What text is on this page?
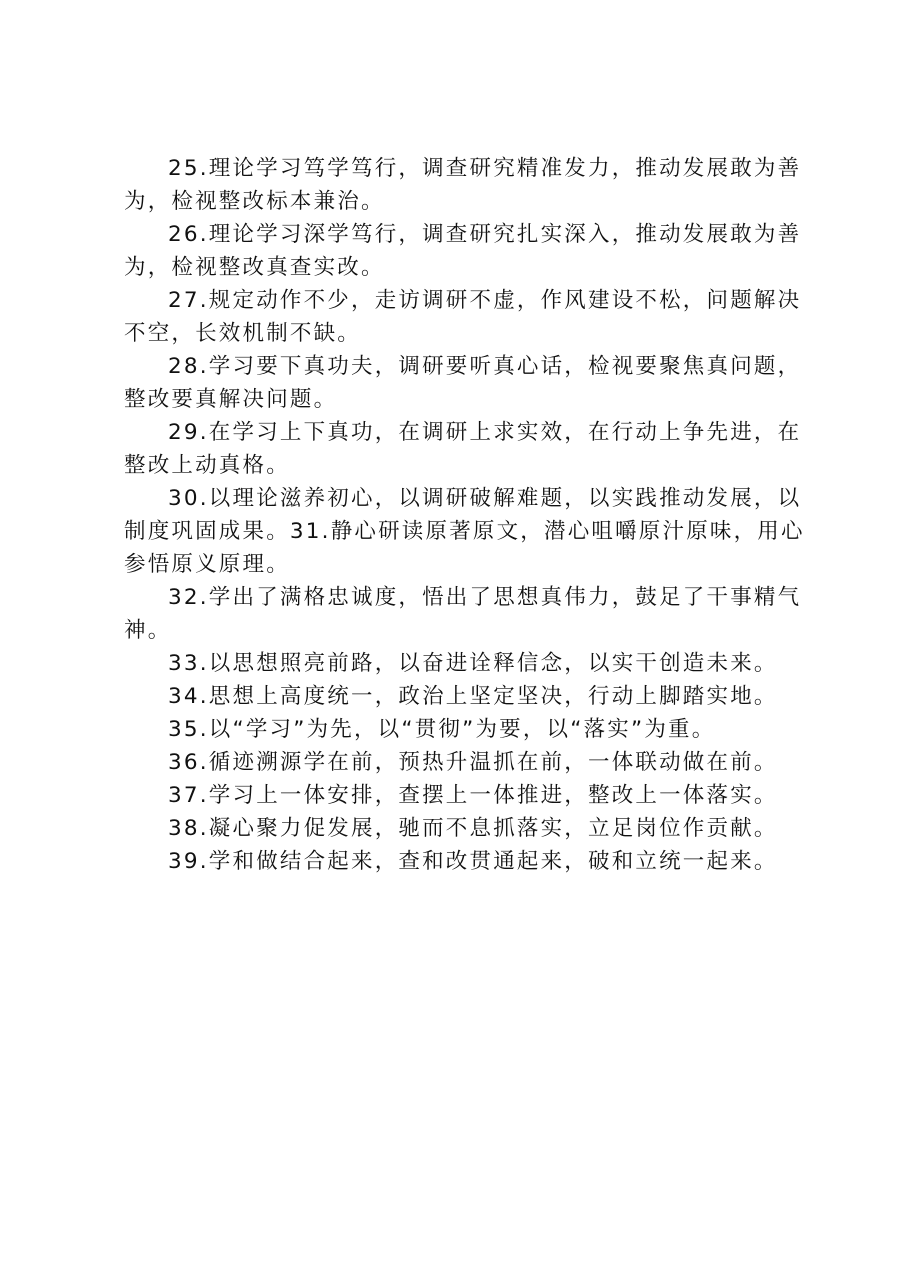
25.理论学习笃学笃行，调查研究精准发力，推动发展敢为善为，检视整改标本兼治。

26.理论学习深学笃行，调查研究扎实深入，推动发展敢为善为，检视整改真查实改。

27.规定动作不少，走访调研不虚，作风建设不松，问题解决不空，长效机制不缺。

28.学习要下真功夫，调研要听真心话，检视要聚焦真问题，整改要真解决问题。

29.在学习上下真功，在调研上求实效，在行动上争先进，在整改上动真格。

30.以理论滋养初心，以调研破解难题，以实践推动发展，以制度巩固成果。31.静心研读原著原文，潜心咀嚼原汁原味，用心参悟原义原理。

32.学出了满格忠诚度，悟出了思想真伟力，鼓足了干事精气神。

33.以思想照亮前路，以奋进诠释信念，以实干创造未来。

34.思想上高度统一，政治上坚定坚决，行动上脚踏实地。

35.以“学习”为先，以“贯彻”为要，以“落实”为重。

36.循迹溯源学在前，预热升温抓在前，一体联动做在前。

37.学习上一体安排，查摆上一体推进，整改上一体落实。

38.凝心聚力促发展，驰而不息抓落实，立足岗位作贡献。

39.学和做结合起来，查和改贯通起来，破和立统一起来。
